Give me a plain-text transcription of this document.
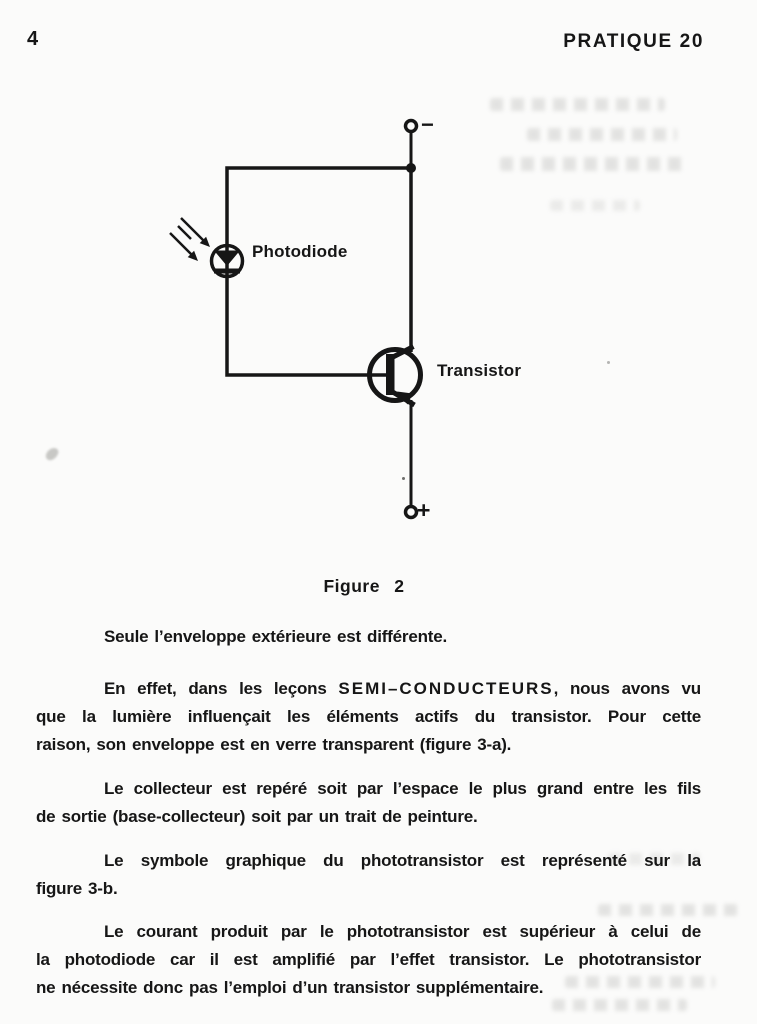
4	PRATIQUE 20
−
+
Photodiode
Transistor
Figure 2
Seule l’enveloppe extérieure est différente.
En effet, dans les leçons SEMI–CONDUCTEURS, nous avons vu
que la lumière influençait les éléments actifs du transistor. Pour cette
raison, son enveloppe est en verre transparent (figure 3-a).
Le collecteur est repéré soit par l’espace le plus grand entre les fils
de sortie (base-collecteur) soit par un trait de peinture.
Le symbole graphique du phototransistor est représenté sur la
figure 3-b.
Le courant produit par le phototransistor est supérieur à celui de
la photodiode car il est amplifié par l’effet transistor. Le phototransistor
ne nécessite donc pas l’emploi d’un transistor supplémentaire.
